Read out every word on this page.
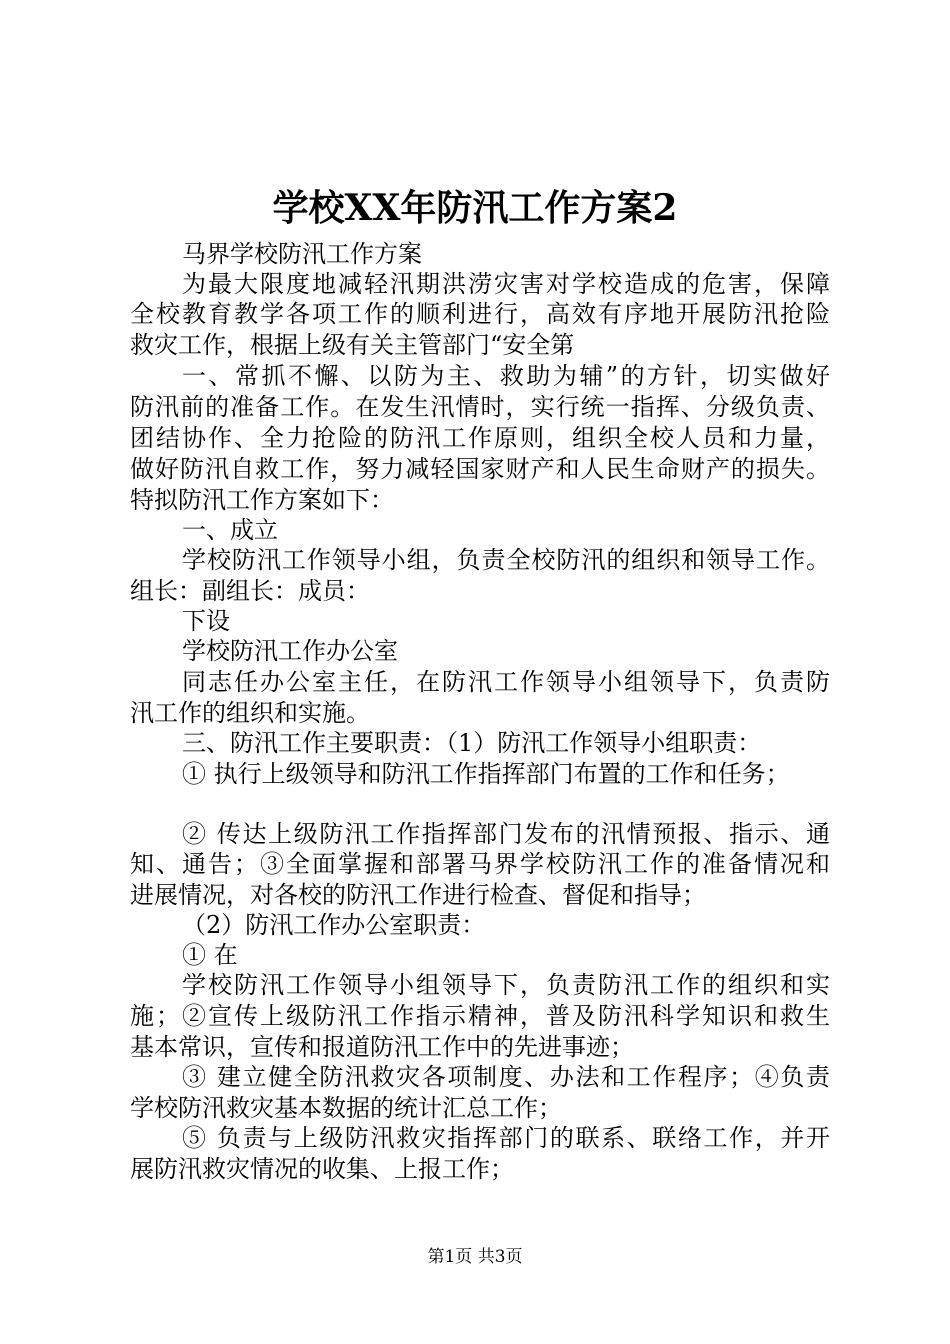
学校XX年防汛工作方案2
马界学校防汛工作方案
为最大限度地减轻汛期洪涝灾害对学校造成的危害，保障
全校教育教学各项工作的顺利进行，高效有序地开展防汛抢险
救灾工作，根据上级有关主管部门“安全第
一、常抓不懈、以防为主、救助为辅”的方针，切实做好
防汛前的准备工作。在发生汛情时，实行统一指挥、分级负责、
团结协作、全力抢险的防汛工作原则，组织全校人员和力量，
做好防汛自救工作，努力减轻国家财产和人民生命财产的损失。
特拟防汛工作方案如下：
一、成立
学校防汛工作领导小组，负责全校防汛的组织和领导工作。
组长：副组长：成员：
下设
学校防汛工作办公室
同志任办公室主任，在防汛工作领导小组领导下，负责防
汛工作的组织和实施。
三、防汛工作主要职责：（1）防汛工作领导小组职责：
① 执行上级领导和防汛工作指挥部门布置的工作和任务；
② 传达上级防汛工作指挥部门发布的汛情预报、指示、通
知、通告；③全面掌握和部署马界学校防汛工作的准备情况和
进展情况，对各校的防汛工作进行检查、督促和指导；
（2）防汛工作办公室职责：
① 在
学校防汛工作领导小组领导下，负责防汛工作的组织和实
施；②宣传上级防汛工作指示精神，普及防汛科学知识和救生
基本常识，宣传和报道防汛工作中的先进事迹；
③ 建立健全防汛救灾各项制度、办法和工作程序；④负责
学校防汛救灾基本数据的统计汇总工作；
⑤ 负责与上级防汛救灾指挥部门的联系、联络工作，并开
展防汛救灾情况的收集、上报工作；
第1页 共3页
